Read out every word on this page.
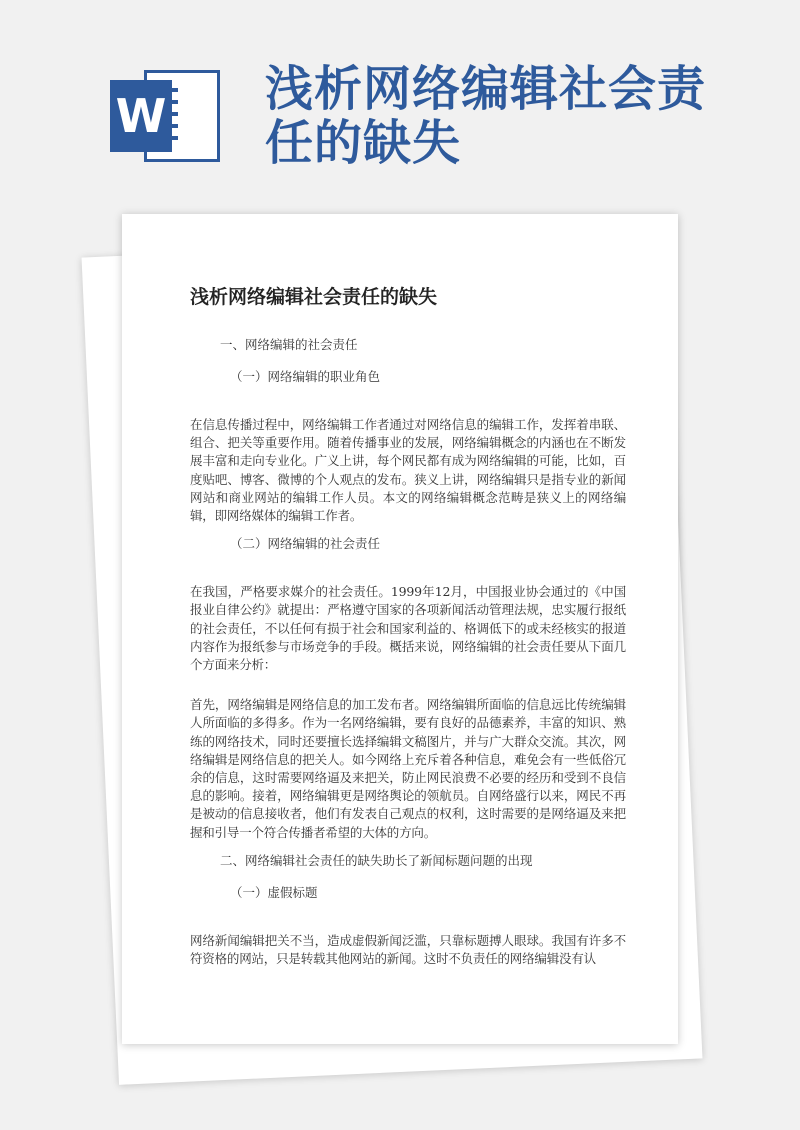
W 浅析网络编辑社会责任的缺失
浅析网络编辑社会责任的缺失
一、网络编辑的社会责任
（一）网络编辑的职业角色

在信息传播过程中，网络编辑工作者通过对网络信息的编辑工作，发挥着串联、组合、把关等重要作用。随着传播事业的发展，网络编辑概念的内涵也在不断发展丰富和走向专业化。广义上讲，每个网民都有成为网络编辑的可能，比如，百度贴吧、博客、微博的个人观点的发布。狭义上讲，网络编辑只是指专业的新闻网站和商业网站的编辑工作人员。本文的网络编辑概念范畴是狭义上的网络编辑，即网络媒体的编辑工作者。

（二）网络编辑的社会责任

在我国，严格要求媒介的社会责任。1999年12月，中国报业协会通过的《中国报业自律公约》就提出：严格遵守国家的各项新闻活动管理法规，忠实履行报纸的社会责任，不以任何有损于社会和国家利益的、格调低下的或未经核实的报道内容作为报纸参与市场竞争的手段。概括来说，网络编辑的社会责任要从下面几个方面来分析：

首先，网络编辑是网络信息的加工发布者。网络编辑所面临的信息远比传统编辑人所面临的多得多。作为一名网络编辑，要有良好的品德素养，丰富的知识、熟练的网络技术，同时还要擅长选择编辑文稿图片，并与广大群众交流。其次，网络编辑是网络信息的把关人。如今网络上充斥着各种信息，难免会有一些低俗冗余的信息，这时需要网络逼及来把关，防止网民浪费不必要的经历和受到不良信息的影响。接着，网络编辑更是网络舆论的领航员。自网络盛行以来，网民不再是被动的信息接收者，他们有发表自己观点的权利，这时需要的是网络逼及来把握和引导一个符合传播者希望的大体的方向。

二、网络编辑社会责任的缺失助长了新闻标题问题的出现
（一）虚假标题

网络新闻编辑把关不当，造成虚假新闻泛滥，只靠标题搏人眼球。我国有许多不符资格的网站，只是转载其他网站的新闻。这时不负责任的网络编辑没有认
